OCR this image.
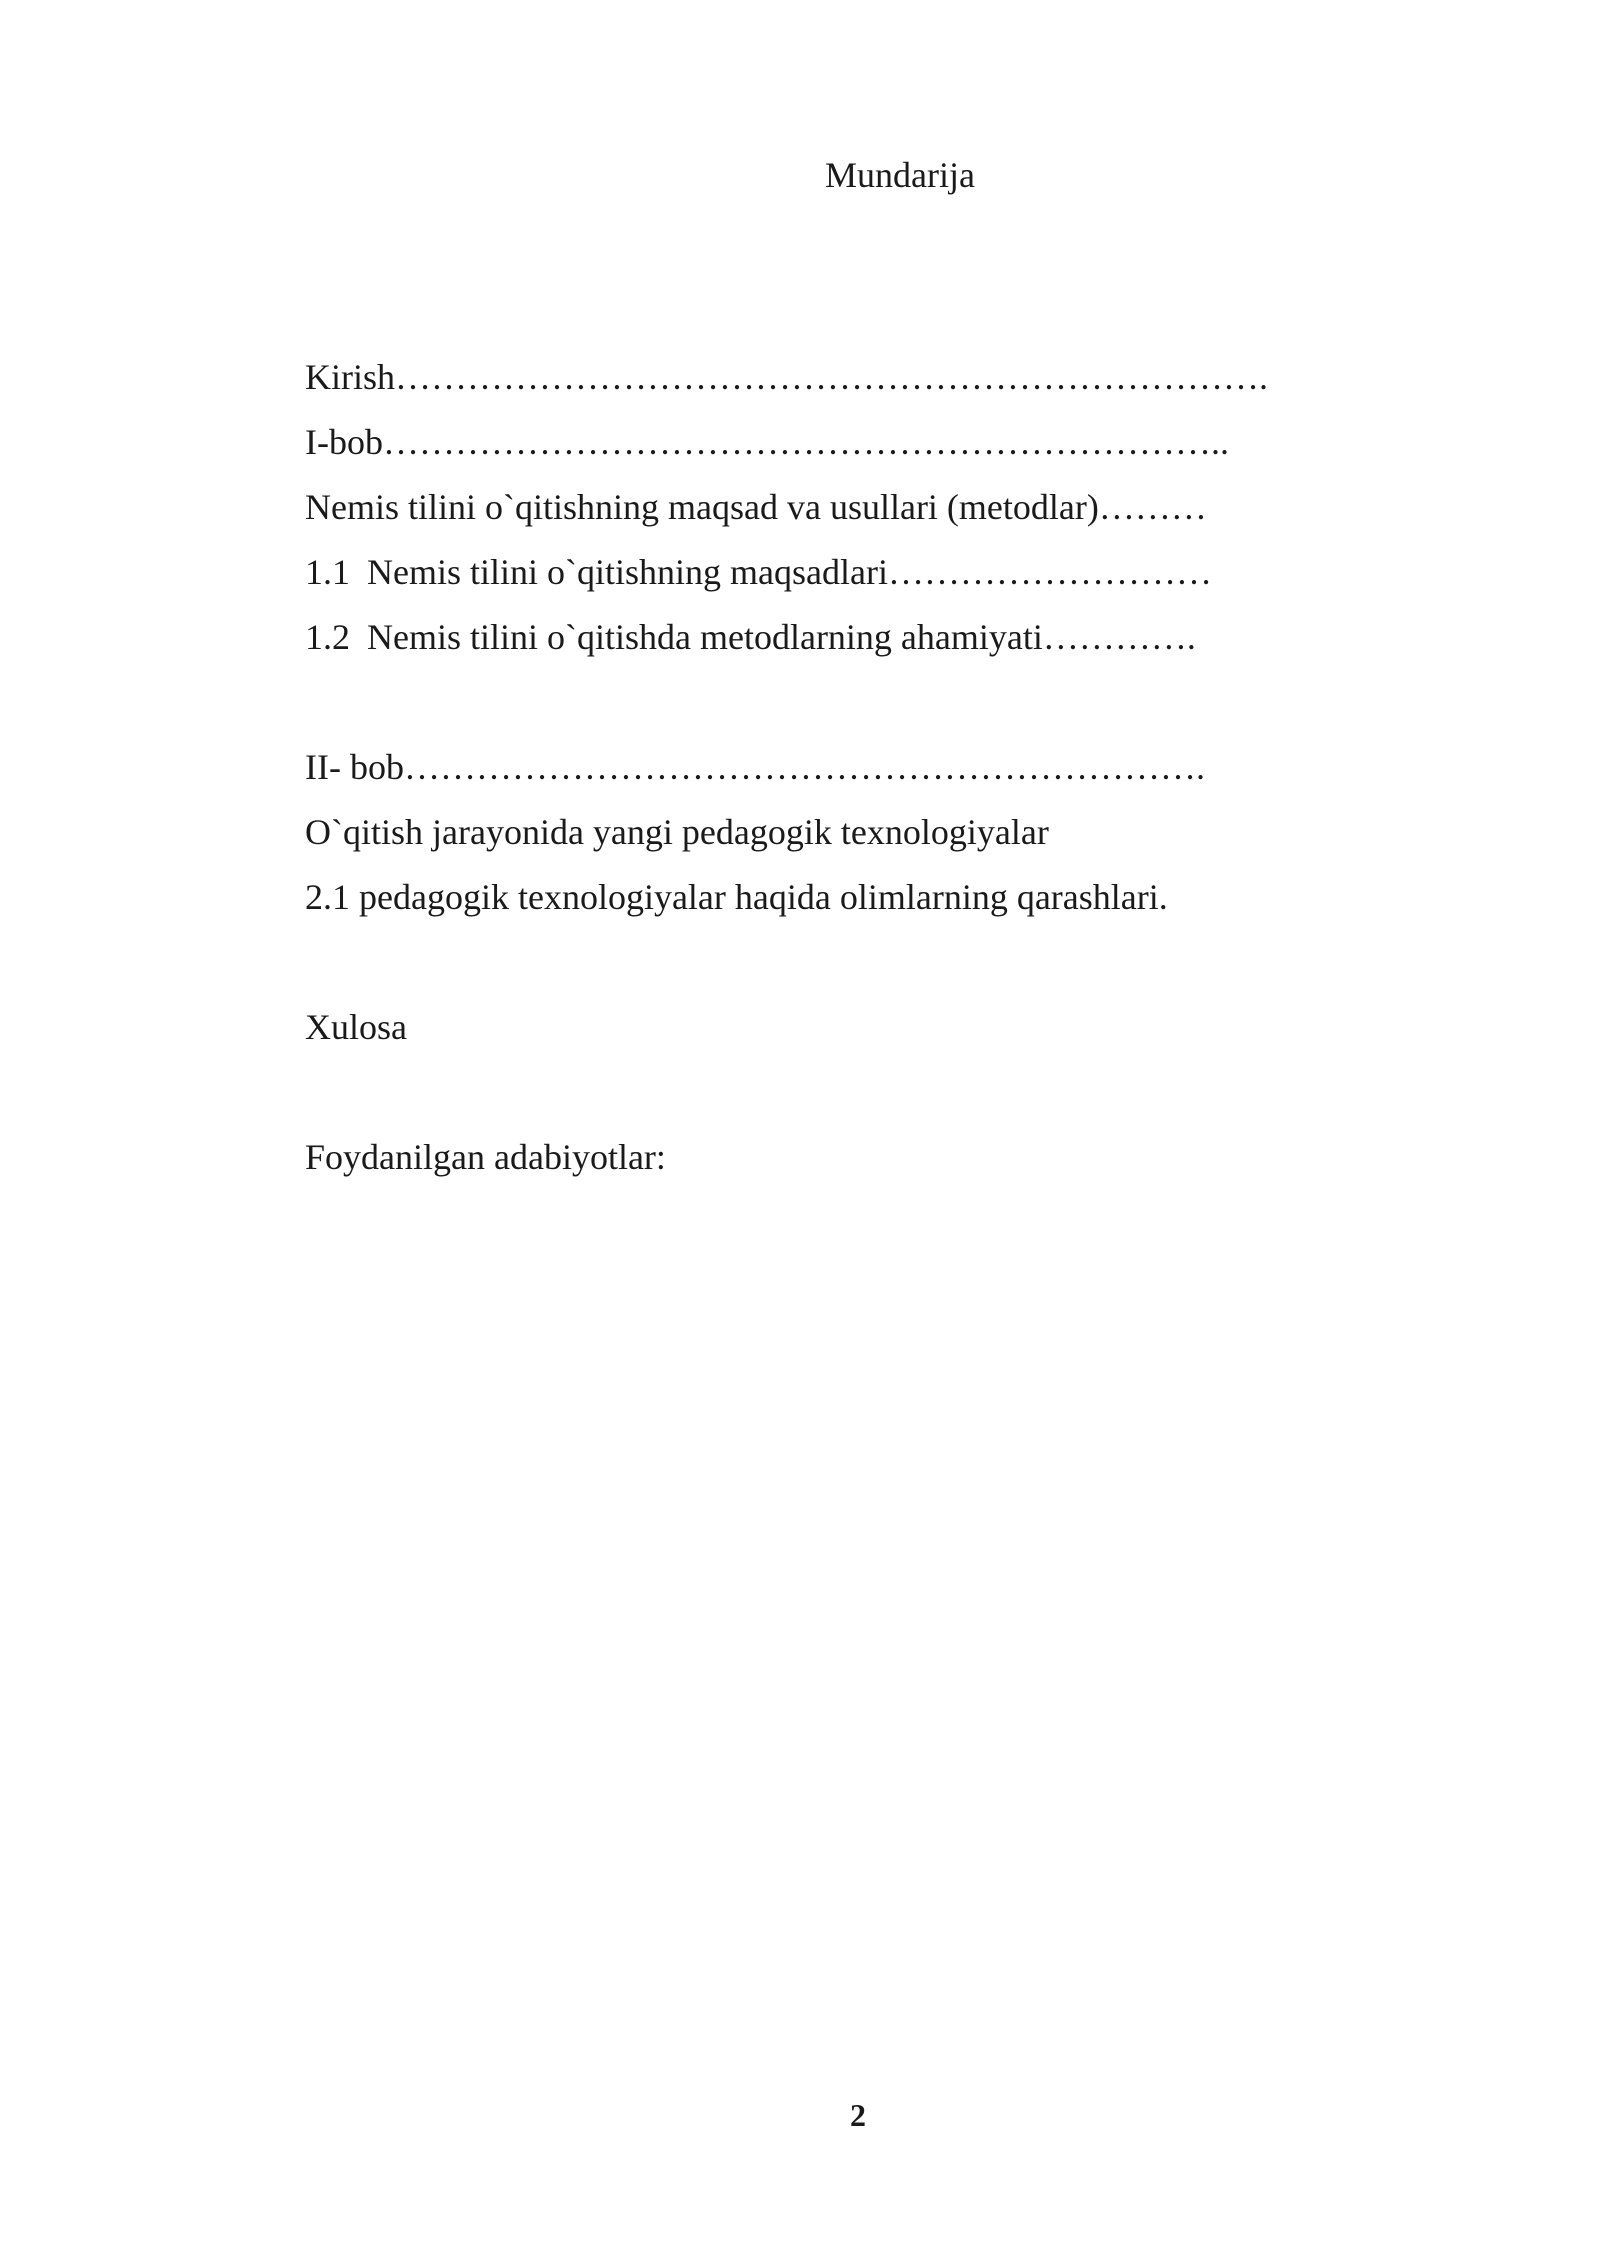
Mundarija
Kirish……………………………………………………………….
I-bob……………………………………………………………..
Nemis tilini o`qitishning maqsad va usullari (metodlar)………
1.1 Nemis tilini o`qitishning maqsadlari………………………
1.2 Nemis tilini o`qitishda metodlarning ahamiyati………….
II- bob………………………………………………………….
O`qitish jarayonida yangi pedagogik texnologiyalar
2.1 pedagogik texnologiyalar haqida olimlarning qarashlari.
Xulosa
Foydanilgan adabiyotlar:
2
